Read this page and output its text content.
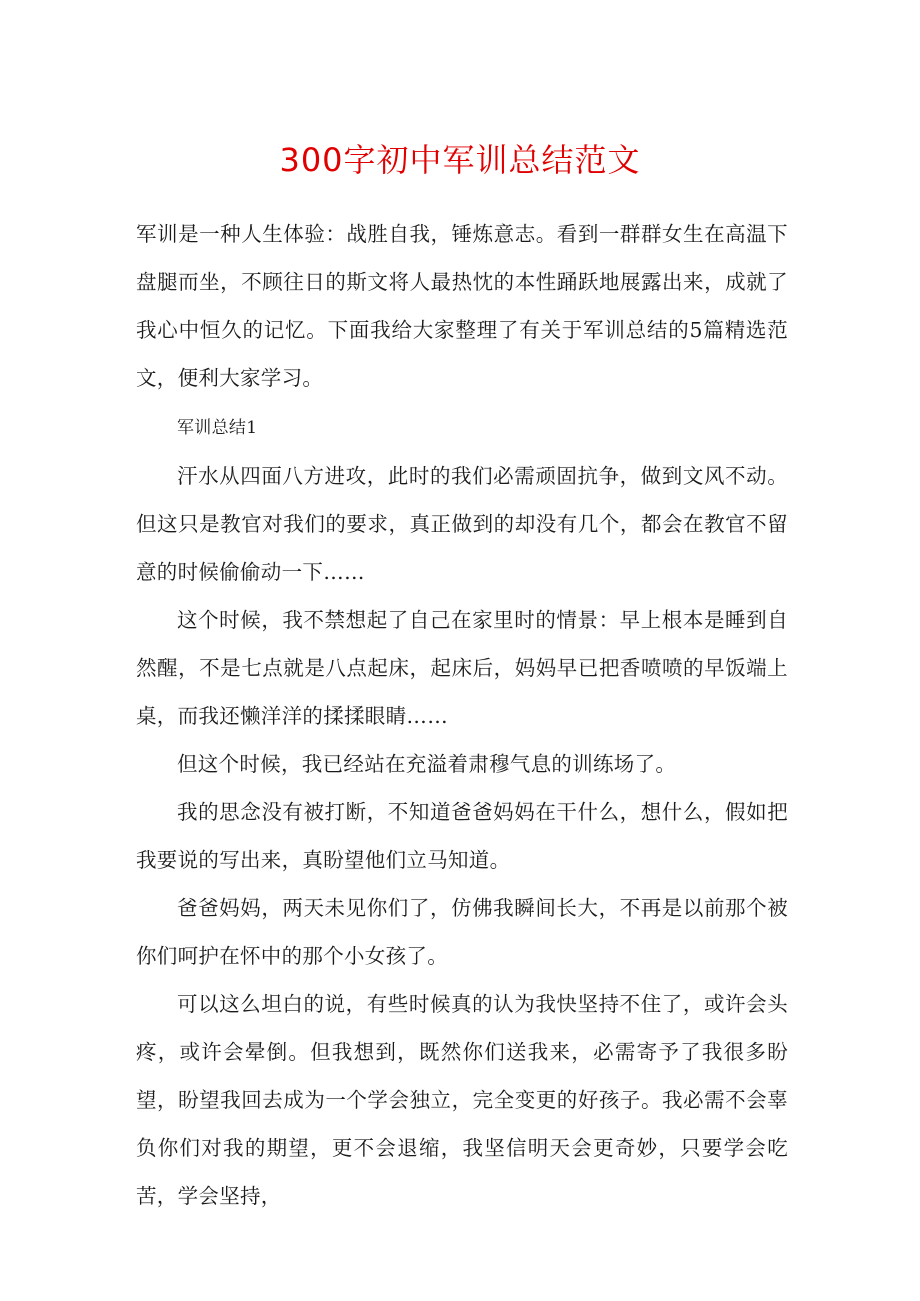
300字初中军训总结范文

军训是一种人生体验：战胜自我，锤炼意志。看到一群群女生在高温下盘腿而坐，不顾往日的斯文将人最热忱的本性踊跃地展露出来，成就了我心中恒久的记忆。下面我给大家整理了有关于军训总结的5篇精选范文，便利大家学习。

军训总结1

汗水从四面八方进攻，此时的我们必需顽固抗争，做到文风不动。但这只是教官对我们的要求，真正做到的却没有几个，都会在教官不留意的时候偷偷动一下……

这个时候，我不禁想起了自己在家里时的情景：早上根本是睡到自然醒，不是七点就是八点起床，起床后，妈妈早已把香喷喷的早饭端上桌，而我还懒洋洋的揉揉眼睛……

但这个时候，我已经站在充溢着肃穆气息的训练场了。

我的思念没有被打断，不知道爸爸妈妈在干什么，想什么，假如把我要说的写出来，真盼望他们立马知道。

爸爸妈妈，两天未见你们了，仿佛我瞬间长大，不再是以前那个被你们呵护在怀中的那个小女孩了。

可以这么坦白的说，有些时候真的认为我快坚持不住了，或许会头疼，或许会晕倒。但我想到，既然你们送我来，必需寄予了我很多盼望，盼望我回去成为一个学会独立，完全变更的好孩子。我必需不会辜负你们对我的期望，更不会退缩，我坚信明天会更奇妙，只要学会吃苦，学会坚持，
